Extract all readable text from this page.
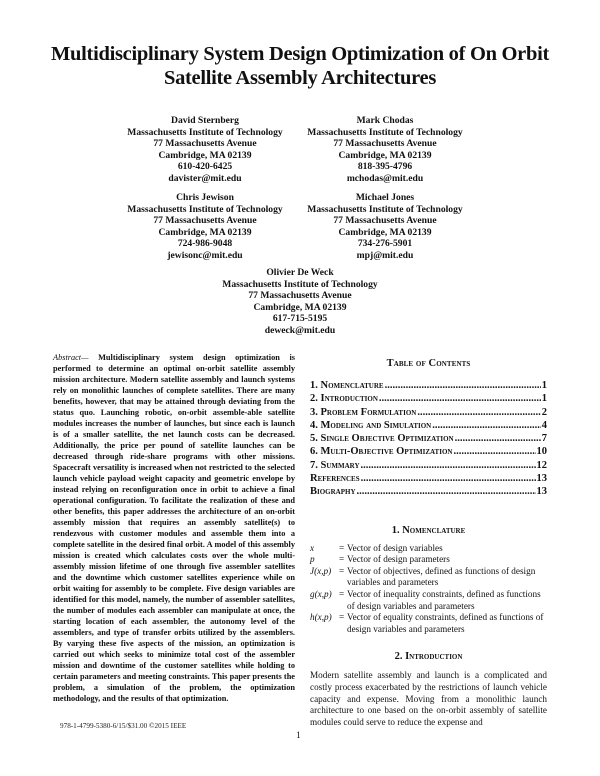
Multidisciplinary System Design Optimization of On Orbit
Satellite Assembly Architectures
David Sternberg
Massachusetts Institute of Technology
77 Massachusetts Avenue
Cambridge, MA 02139
610-420-6425
davister@mit.edu
Mark Chodas
Massachusetts Institute of Technology
77 Massachusetts Avenue
Cambridge, MA 02139
818-395-4796
mchodas@mit.edu
Chris Jewison
Massachusetts Institute of Technology
77 Massachusetts Avenue
Cambridge, MA 02139
724-986-9048
jewisonc@mit.edu
Michael Jones
Massachusetts Institute of Technology
77 Massachusetts Avenue
Cambridge, MA 02139
734-276-5901
mpj@mit.edu
Olivier De Weck
Massachusetts Institute of Technology
77 Massachusetts Avenue
Cambridge, MA 02139
617-715-5195
deweck@mit.edu

Abstract— Multidisciplinary system design optimization is performed to determine an optimal on-orbit satellite assembly mission architecture. Modern satellite assembly and launch systems rely on monolithic launches of complete satellites. There are many benefits, however, that may be attained through deviating from the status quo. Launching robotic, on-orbit assemble-able satellite modules increases the number of launches, but since each is launch is of a smaller satellite, the net launch costs can be decreased. Additionally, the price per pound of satellite launches can be decreased through ride-share programs with other missions. Spacecraft versatility is increased when not restricted to the selected launch vehicle payload weight capacity and geometric envelope by instead relying on reconfiguration once in orbit to achieve a final operational configuration. To facilitate the realization of these and other benefits, this paper addresses the architecture of an on-orbit assembly mission that requires an assembly satellite(s) to rendezvous with customer modules and assemble them into a complete satellite in the desired final orbit. A model of this assembly mission is created which calculates costs over the whole multi-assembly mission lifetime of one through five assembler satellites and the downtime which customer satellites experience while on orbit waiting for assembly to be complete. Five design variables are identified for this model, namely, the number of assembler satellites, the number of modules each assembler can manipulate at once, the starting location of each assembler, the autonomy level of the assemblers, and type of transfer orbits utilized by the assemblers. By varying these five aspects of the mission, an optimization is carried out which seeks to minimize total cost of the assembler mission and downtime of the customer satellites while holding to certain parameters and meeting constraints. This paper presents the problem, a simulation of the problem, the optimization methodology, and the results of that optimization.

978-1-4799-5380-6/15/$31.00 ©2015 IEEE
1
Table of Contents
1. Nomenclature .....	1
2. Introduction .....	1
3. Problem Formulation .....	2
4. Modeling and Simulation .....	4
5. Single Objective Optimization .....	7
6. Multi-Objective Optimization .....	10
7. Summary .....	12
References .....	13
Biography .....	13
1. Nomenclature
x	= Vector of design variables
p	= Vector of design parameters
J(x,p) = Vector of objectives, defined as functions of design variables and parameters
g(x,p) = Vector of inequality constraints, defined as functions of design variables and parameters
h(x,p) = Vector of equality constraints, defined as functions of design variables and parameters
2. Introduction

Modern satellite assembly and launch is a complicated and costly process exacerbated by the restrictions of launch vehicle capacity and expense. Moving from a monolithic launch architecture to one based on the on-orbit assembly of satellite modules could serve to reduce the expense and
